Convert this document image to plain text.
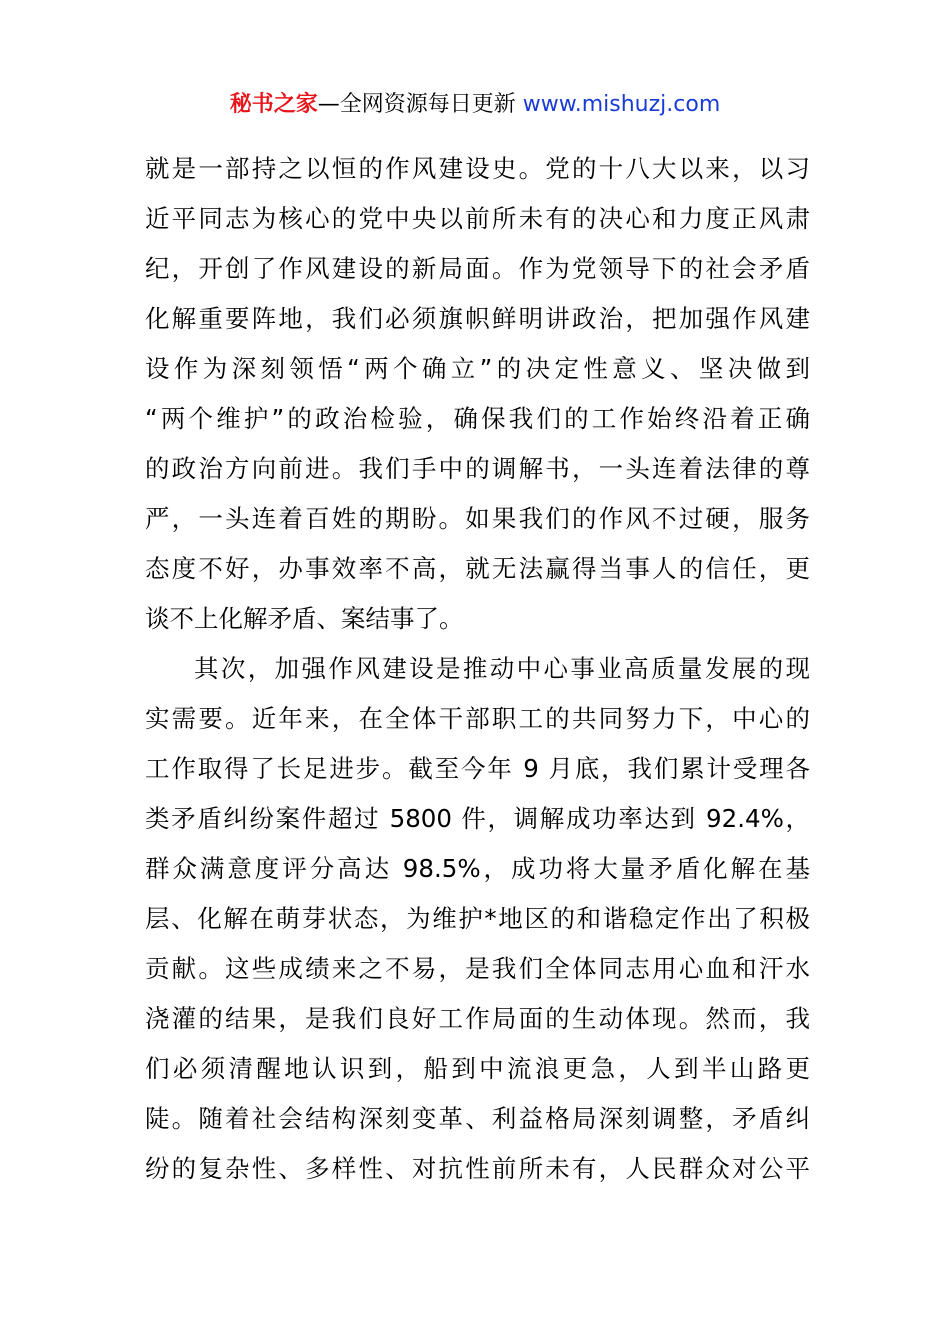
秘书之家—全网资源每日更新 www.mishuzj.com
就是一部持之以恒的作风建设史。党的十八大以来，以习
近平同志为核心的党中央以前所未有的决心和力度正风肃
纪，开创了作风建设的新局面。作为党领导下的社会矛盾
化解重要阵地，我们必须旗帜鲜明讲政治，把加强作风建
设作为深刻领悟“两个确立”的决定性意义、坚决做到
“两个维护”的政治检验，确保我们的工作始终沿着正确
的政治方向前进。我们手中的调解书，一头连着法律的尊
严，一头连着百姓的期盼。如果我们的作风不过硬，服务
态度不好，办事效率不高，就无法赢得当事人的信任，更
谈不上化解矛盾、案结事了。
其次，加强作风建设是推动中心事业高质量发展的现
实需要。近年来，在全体干部职工的共同努力下，中心的
工作取得了长足进步。截至今年 9 月底，我们累计受理各
类矛盾纠纷案件超过 5800 件，调解成功率达到 92.4%，
群众满意度评分高达 98.5%，成功将大量矛盾化解在基
层、化解在萌芽状态，为维护*地区的和谐稳定作出了积极
贡献。这些成绩来之不易，是我们全体同志用心血和汗水
浇灌的结果，是我们良好工作局面的生动体现。然而，我
们必须清醒地认识到，船到中流浪更急，人到半山路更
陡。随着社会结构深刻变革、利益格局深刻调整，矛盾纠
纷的复杂性、多样性、对抗性前所未有，人民群众对公平
